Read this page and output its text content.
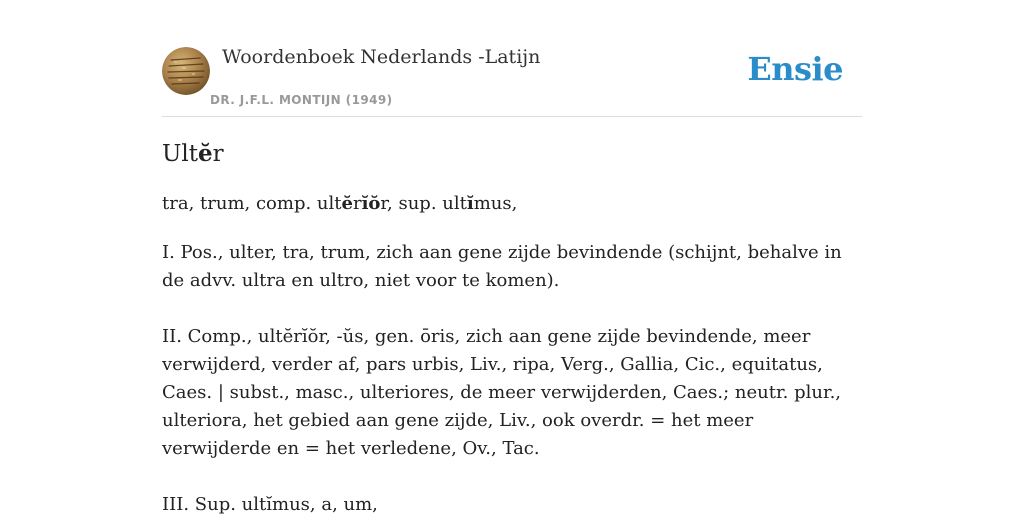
Woordenboek Nederlands -Latijn
DR. J.F.L. MONTIJN (1949)
Ensie
Ultĕr
tra, trum, comp. ultĕrĭŏr, sup. ultĭmus,

I. Pos., ulter, tra, trum, zich aan gene zijde bevindende (schijnt, behalve in de advv. ultra en ultro, niet voor te komen).

II. Comp., ultĕrĭŏr, -ŭs, gen. ōris, zich aan gene zijde bevindende, meer verwijderd, verder af, pars urbis, Liv., ripa, Verg., Gallia, Cic., equitatus, Caes. | subst., masc., ulteriores, de meer verwijderden, Caes.; neutr. plur., ulteriora, het gebied aan gene zijde, Liv., ook overdr. = het meer verwijderde en = het verledene, Ov., Tac.

III. Sup. ultĭmus, a, um,
